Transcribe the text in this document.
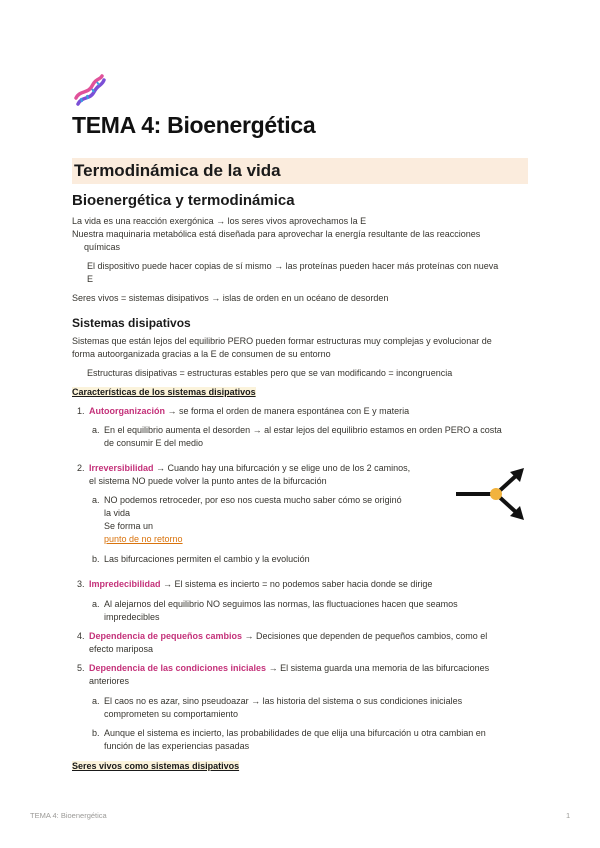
TEMA 4: Bioenergética
Termodinámica de la vida
Bioenergética y termodinámica

La vida es una reacción exergónica → los seres vivos aprovechamos la E

Nuestra maquinaria metabólica está diseñada para aprovechar la energía resultante de las reacciones

químicas

El dispositivo puede hacer copias de sí mismo → las proteínas pueden hacer más proteínas con nueva

E

Seres vivos = sistemas disipativos → islas de orden en un océano de desorden

Sistemas disipativos

Sistemas que están lejos del equilibrio PERO pueden formar estructuras muy complejas y evolucionar de

forma autoorganizada gracias a la E de consumen de su entorno

Estructuras disipativas = estructuras estables pero que se van modificando = incongruencia

Características de los sistemas disipativos

1. Autoorganización → se forma el orden de manera espontánea con E y materia

a. En el equilibrio aumenta el desorden → al estar lejos del equilibrio estamos en orden PERO a costa

de consumir E del medio

2. Irreversibilidad → Cuando hay una bifurcación y se elige uno de los 2 caminos,

el sistema NO puede volver la punto antes de la bifurcación

a. NO podemos retroceder, por eso nos cuesta mucho saber cómo se originó

la vida

Se forma un

punto de no retorno

b. Las bifurcaciones permiten el cambio y la evolución

3. Impredecibilidad → El sistema es incierto = no podemos saber hacia donde se dirige

a. Al alejarnos del equilibrio NO seguimos las normas, las fluctuaciones hacen que seamos

impredecibles

4. Dependencia de pequeños cambios → Decisiones que dependen de pequeños cambios, como el

efecto mariposa

5. Dependencia de las condiciones iniciales → El sistema guarda una memoria de las bifurcaciones

anteriores

a. El caos no es azar, sino pseudoazar → las historia del sistema o sus condiciones iniciales

comprometen su comportamiento

b. Aunque el sistema es incierto, las probabilidades de que elija una bifurcación u otra cambian en

función de las experiencias pasadas

Seres vivos como sistemas disipativos

TEMA 4: Bioenergética	1
